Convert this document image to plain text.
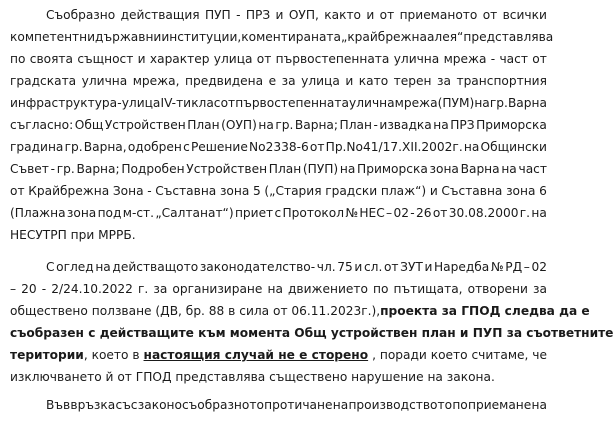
Съобразно действащия ПУП - ПРЗ и ОУП, както и от приеманото от всички
компетентни държавни институции, коментираната „крайбрежна алея“ представлява
по своята същност и характер улица от първостепенната улична мрежа - част от
градската улична мрежа, предвидена е за улица и като терен за транспортния
инфраструктура - улица IV-ти клас от първостепенната улична мрежа (ПУМ) на гр. Варна
съгласно: Общ Устройствен План (ОУП) на гр. Варна; План - извадка на ПРЗ Приморска
градина гр. Варна, одобрен с Решение No2338-6 от Пр.No41/17.XII.2002г. на Общински
Съвет - гр. Варна; Подробен Устройствен План (ПУП) на Приморска зона Варна на част
от Крайбрежна Зона - Съставна зона 5 („Стария градски плаж“) и Съставна зона 6
(Плажна зона под м-ст. „Салтанат“) приет с Протокол № НЕС – 02 - 26 от 30.08.2000 г. на
НЕСУТРП при МРРБ.
С оглед на действащото законодателство- чл. 75 и сл. от ЗУТ и Наредба № РД – 02
– 20 - 2/24.10.2022 г. за организиране на движението по пътищата, отворени за
обществено ползване (ДВ, бр. 88 в сила от 06.11.2023г.), проекта за ГПОД следва да е
съобразен с действащите към момента Общ устройствен план и ПУП за съответните
територии, което в настоящия случай не е сторено , поради което считаме, че
изключването й от ГПОД представлява съществено нарушение на закона.
Във връзка със законосъобразното протичане на производството по приемане на
